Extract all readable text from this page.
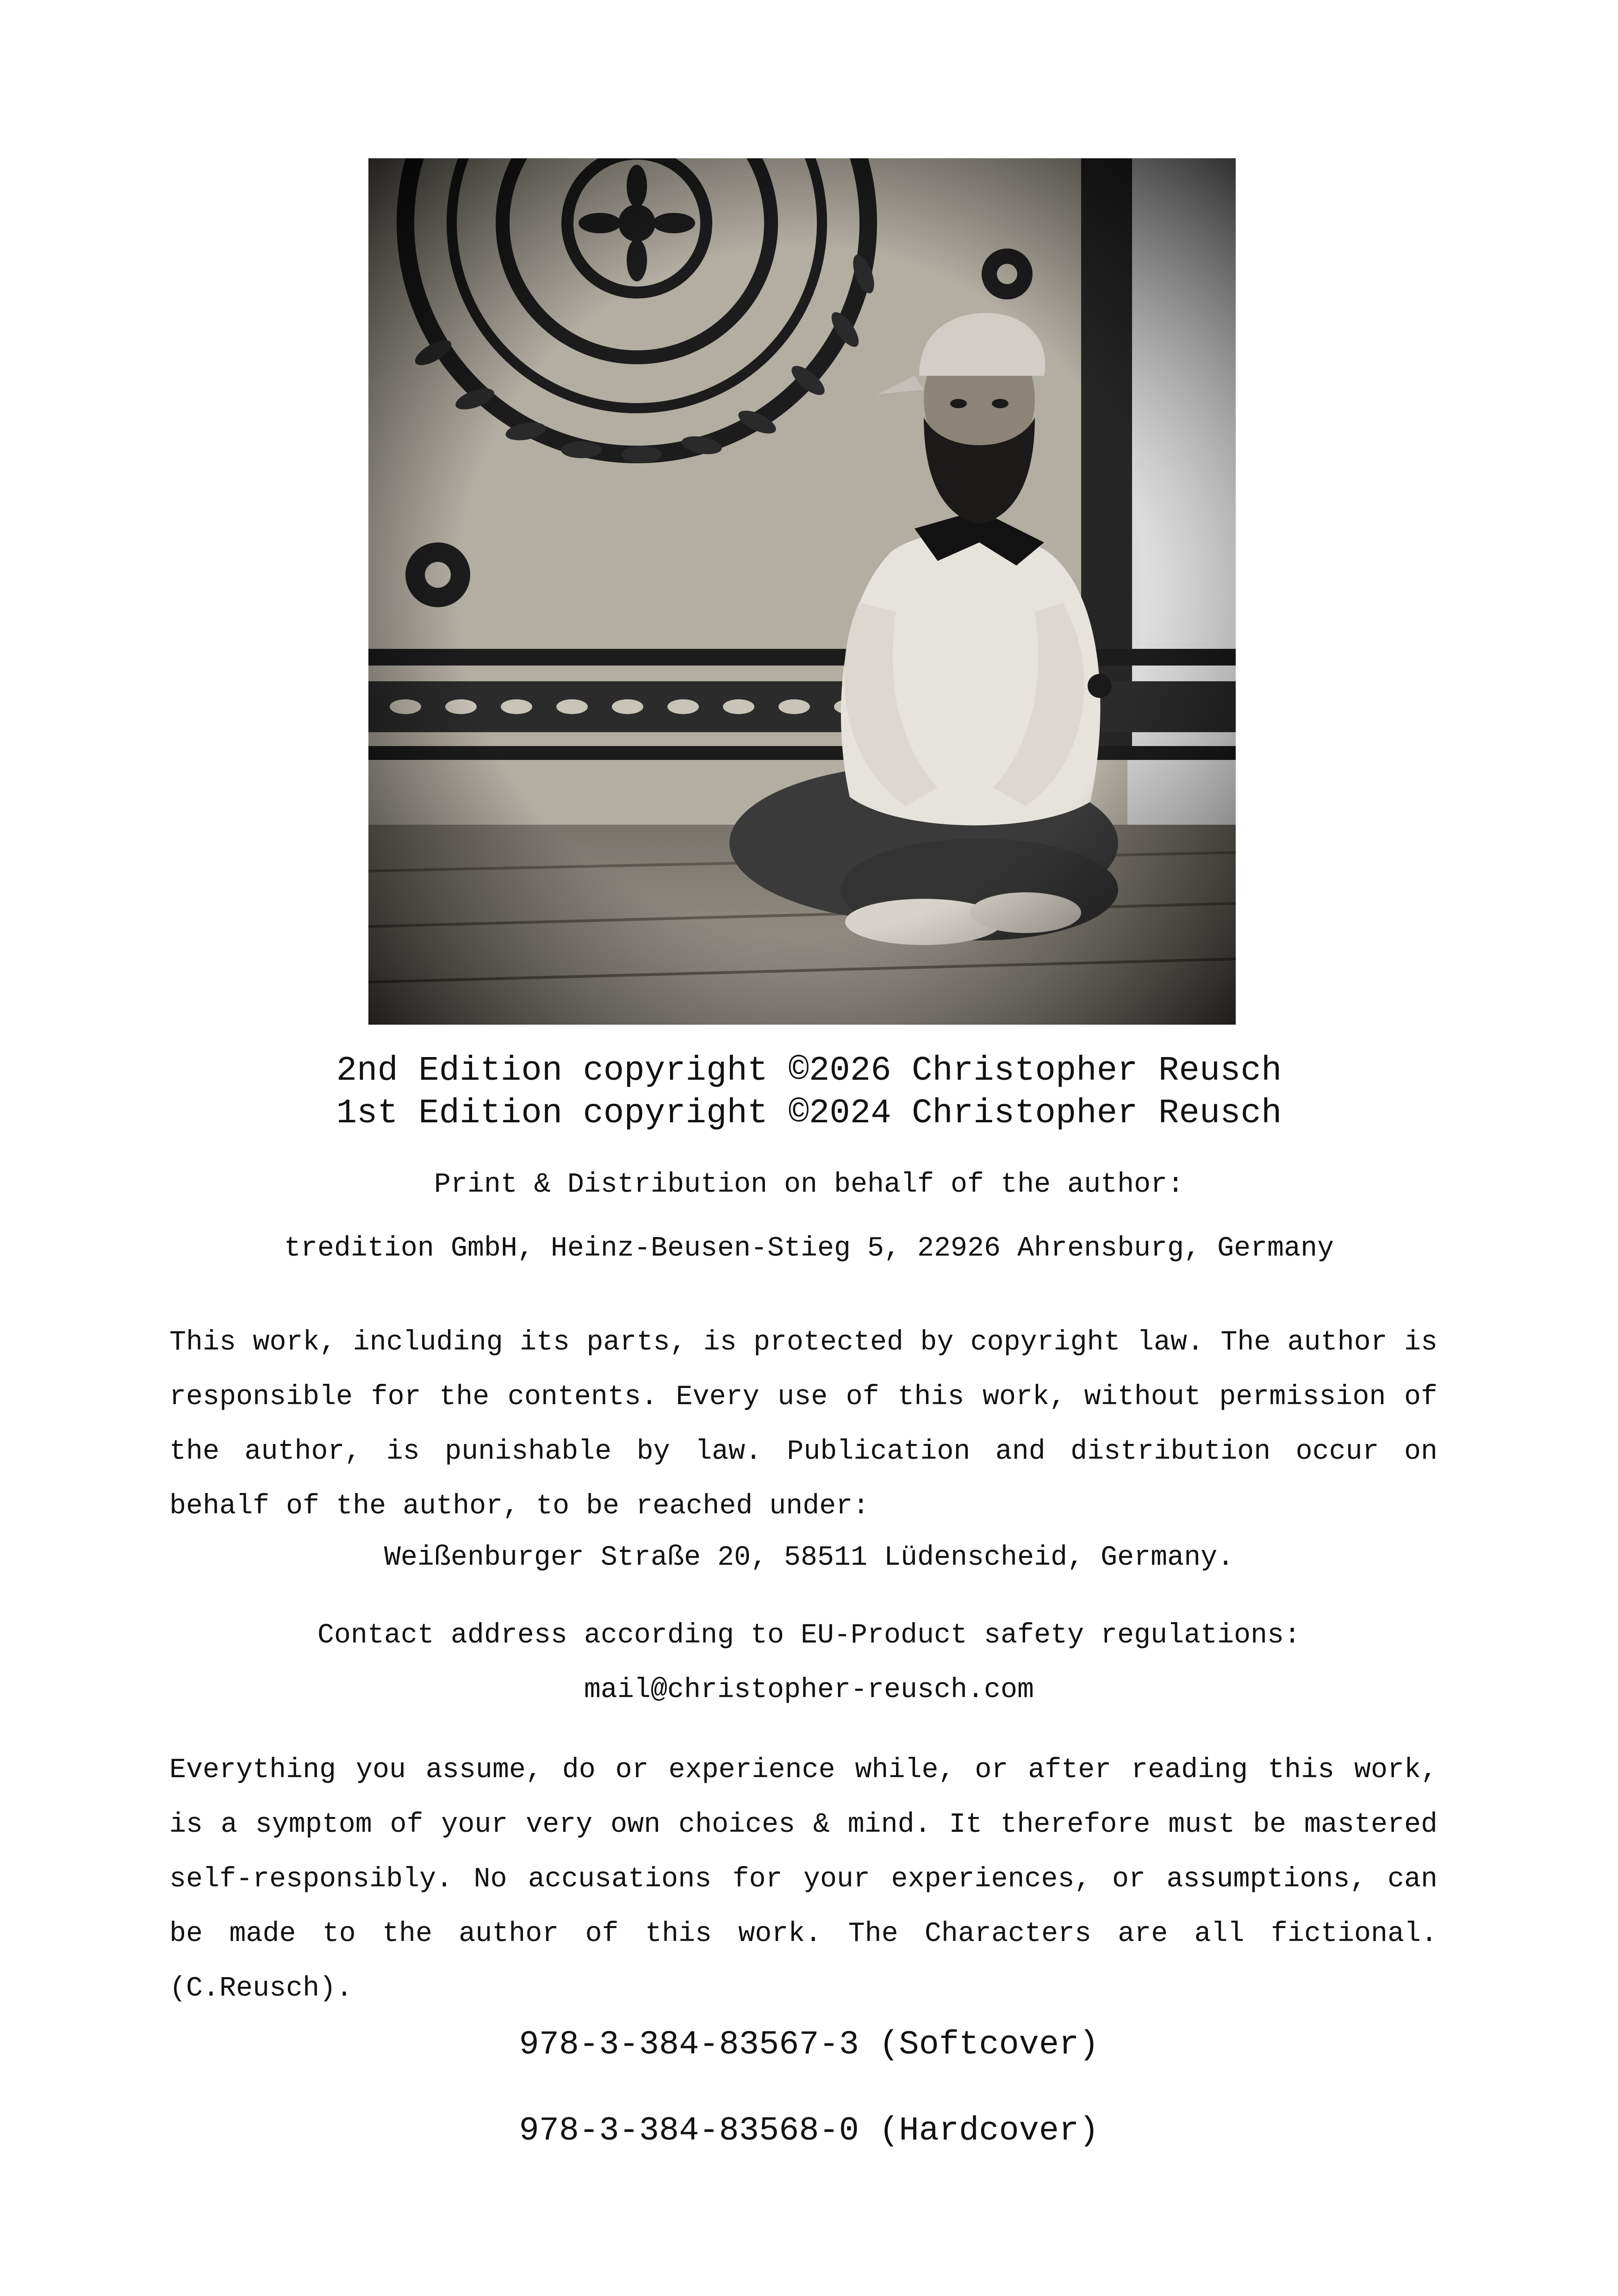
2nd Edition copyright ©2026 Christopher Reusch
1st Edition copyright ©2024 Christopher Reusch
Print & Distribution on behalf of the author:
tredition GmbH, Heinz-Beusen-Stieg 5, 22926 Ahrensburg, Germany
This work, including its parts, is protected by copyright law. The author is responsible for the contents. Every use of this work, without permission of the author, is punishable by law. Publication and distribution occur on behalf of the author, to be reached under:
Weißenburger Straße 20, 58511 Lüdenscheid, Germany.
Contact address according to EU-Product safety regulations:
mail@christopher-reusch.com
Everything you assume, do or experience while, or after reading this work, is a symptom of your very own choices & mind. It therefore must be mastered self-responsibly. No accusations for your experiences, or assumptions, can be made to the author of this work. The Characters are all fictional. (C.Reusch).
978-3-384-83567-3 (Softcover)
978-3-384-83568-0 (Hardcover)
